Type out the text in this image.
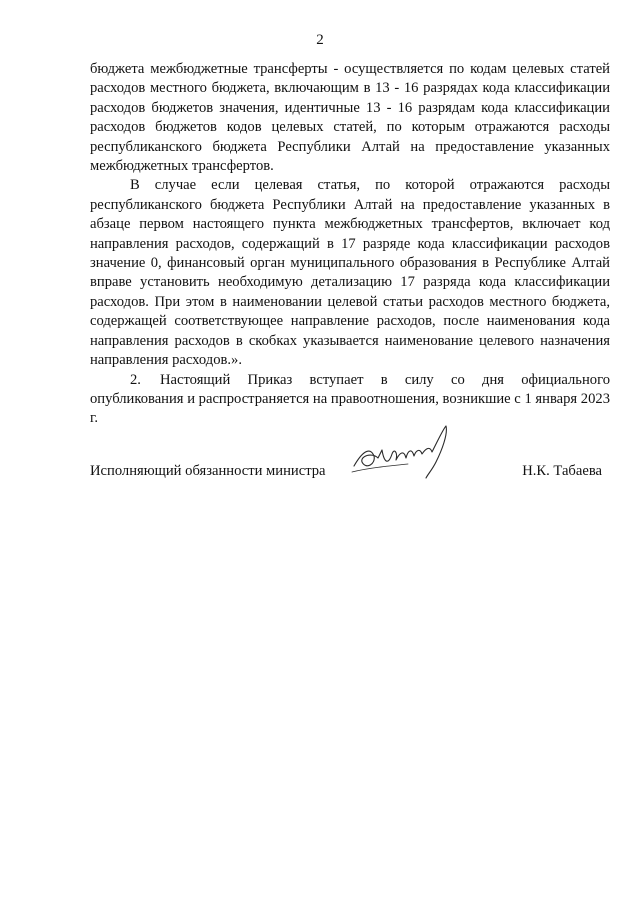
2

бюджета межбюджетные трансферты - осуществляется по кодам целевых статей расходов местного бюджета, включающим в 13 - 16 разрядах кода классификации расходов бюджетов значения, идентичные 13 - 16 разрядам кода классификации расходов бюджетов кодов целевых статей, по которым отражаются расходы республиканского бюджета Республики Алтай на предоставление указанных межбюджетных трансфертов.

В случае если целевая статья, по которой отражаются расходы республиканского бюджета Республики Алтай на предоставление указанных в абзаце первом настоящего пункта межбюджетных трансфертов, включает код направления расходов, содержащий в 17 разряде кода классификации расходов значение 0, финансовый орган муниципального образования в Республике Алтай вправе установить необходимую детализацию 17 разряда кода классификации расходов. При этом в наименовании целевой статьи расходов местного бюджета, содержащей соответствующее направление расходов, после наименования кода направления расходов в скобках указывается наименование целевого назначения направления расходов.».

2. Настоящий Приказ вступает в силу со дня официального опубликования и распространяется на правоотношения, возникшие с 1 января 2023 г.

Исполняющий обязанности министра	Н.К. Табаева
